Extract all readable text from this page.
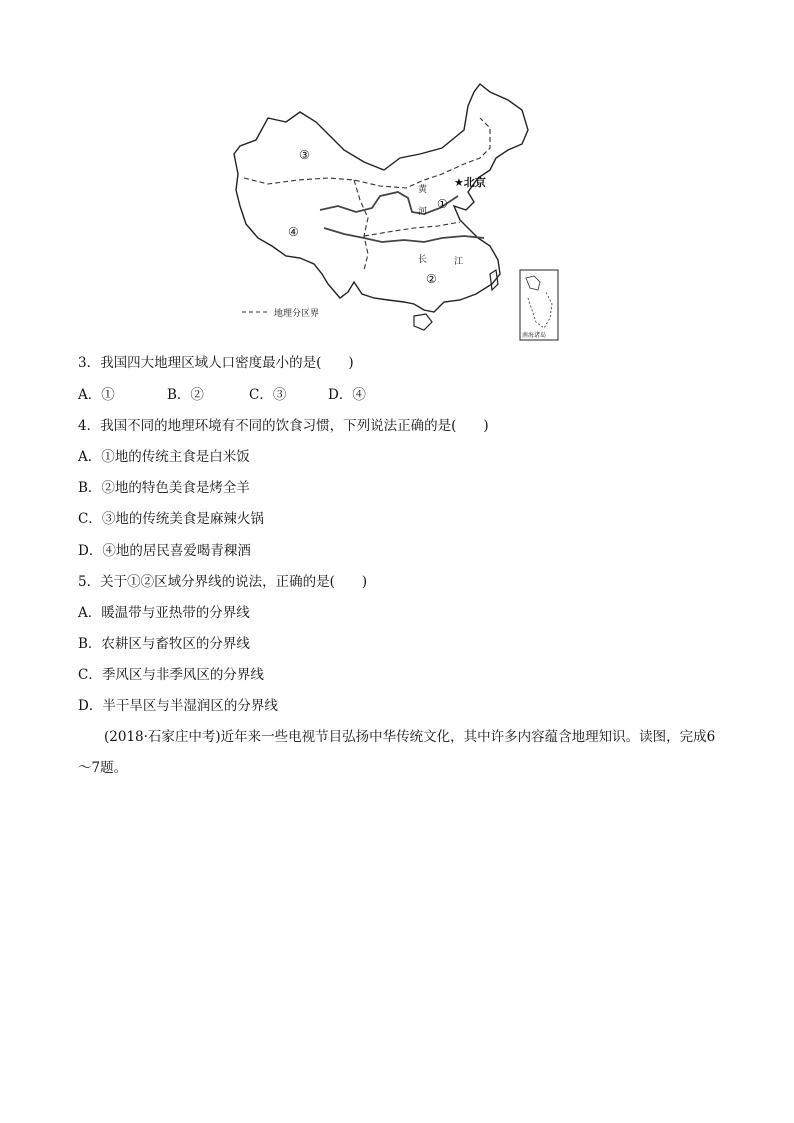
③
④
①
②
★北京
黄
河
长	江
地理分区界
南海诸岛
3．我国四大地理区域人口密度最小的是(　　)
A．①	B．②	C．③	D．④
4．我国不同的地理环境有不同的饮食习惯，下列说法正确的是(　　)
A．①地的传统主食是白米饭
B．②地的特色美食是烤全羊
C．③地的传统美食是麻辣火锅
D．④地的居民喜爱喝青稞酒
5．关于①②区域分界线的说法，正确的是(　　)
A．暖温带与亚热带的分界线
B．农耕区与畜牧区的分界线
C．季风区与非季风区的分界线
D．半干旱区与半湿润区的分界线
(2018·石家庄中考)近年来一些电视节目弘扬中华传统文化，其中许多内容蕴含地理知识。读图，完成6～7题。
